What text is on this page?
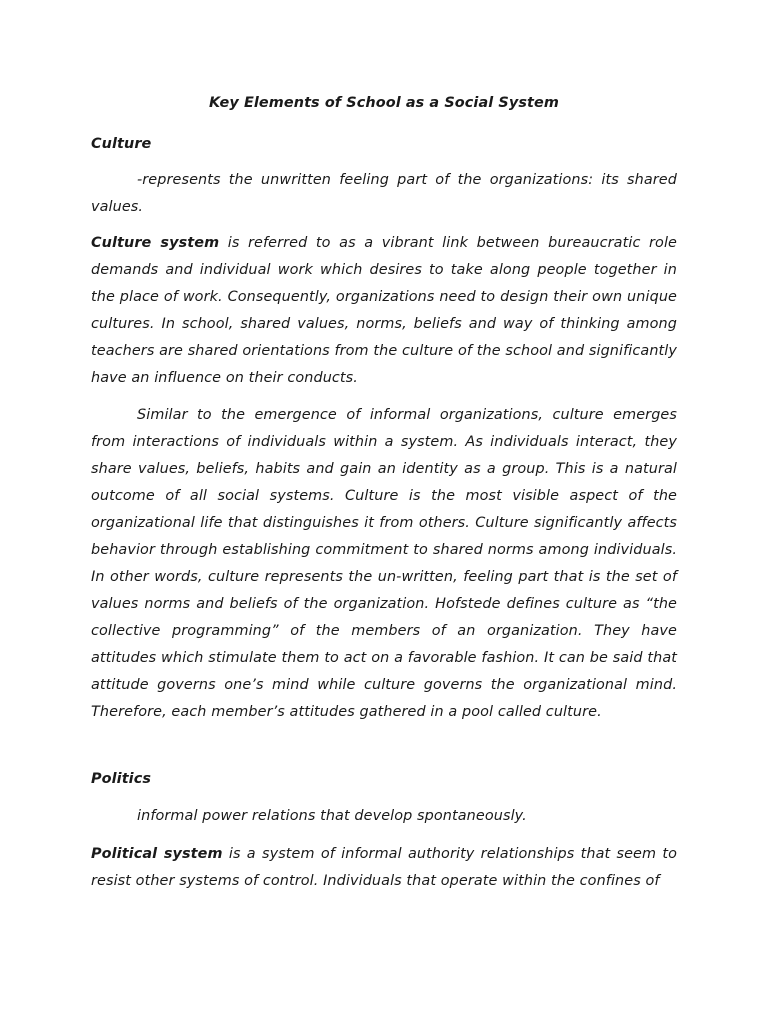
Key Elements of School as a Social System
Culture

-represents the unwritten feeling part of the organizations: its shared values.

Culture system is referred to as a vibrant link between bureaucratic role demands and individual work which desires to take along people together in the place of work. Consequently, organizations need to design their own unique cultures. In school, shared values, norms, beliefs and way of thinking among teachers are shared orientations from the culture of the school and significantly have an influence on their conducts.

Similar to the emergence of informal organizations, culture emerges from interactions of individuals within a system. As individuals interact, they share values, beliefs, habits and gain an identity as a group. This is a natural outcome of all social systems. Culture is the most visible aspect of the organizational life that distinguishes it from others. Culture significantly affects behavior through establishing commitment to shared norms among individuals. In other words, culture represents the un-written, feeling part that is the set of values norms and beliefs of the organization. Hofstede defines culture as “the collective programming” of the members of an organization. They have attitudes which stimulate them to act on a favorable fashion. It can be said that attitude governs one’s mind while culture governs the organizational mind. Therefore, each member’s attitudes gathered in a pool called culture.

Politics

informal power relations that develop spontaneously.

Political system is a system of informal authority relationships that seem to resist other systems of control. Individuals that operate within the confines of
